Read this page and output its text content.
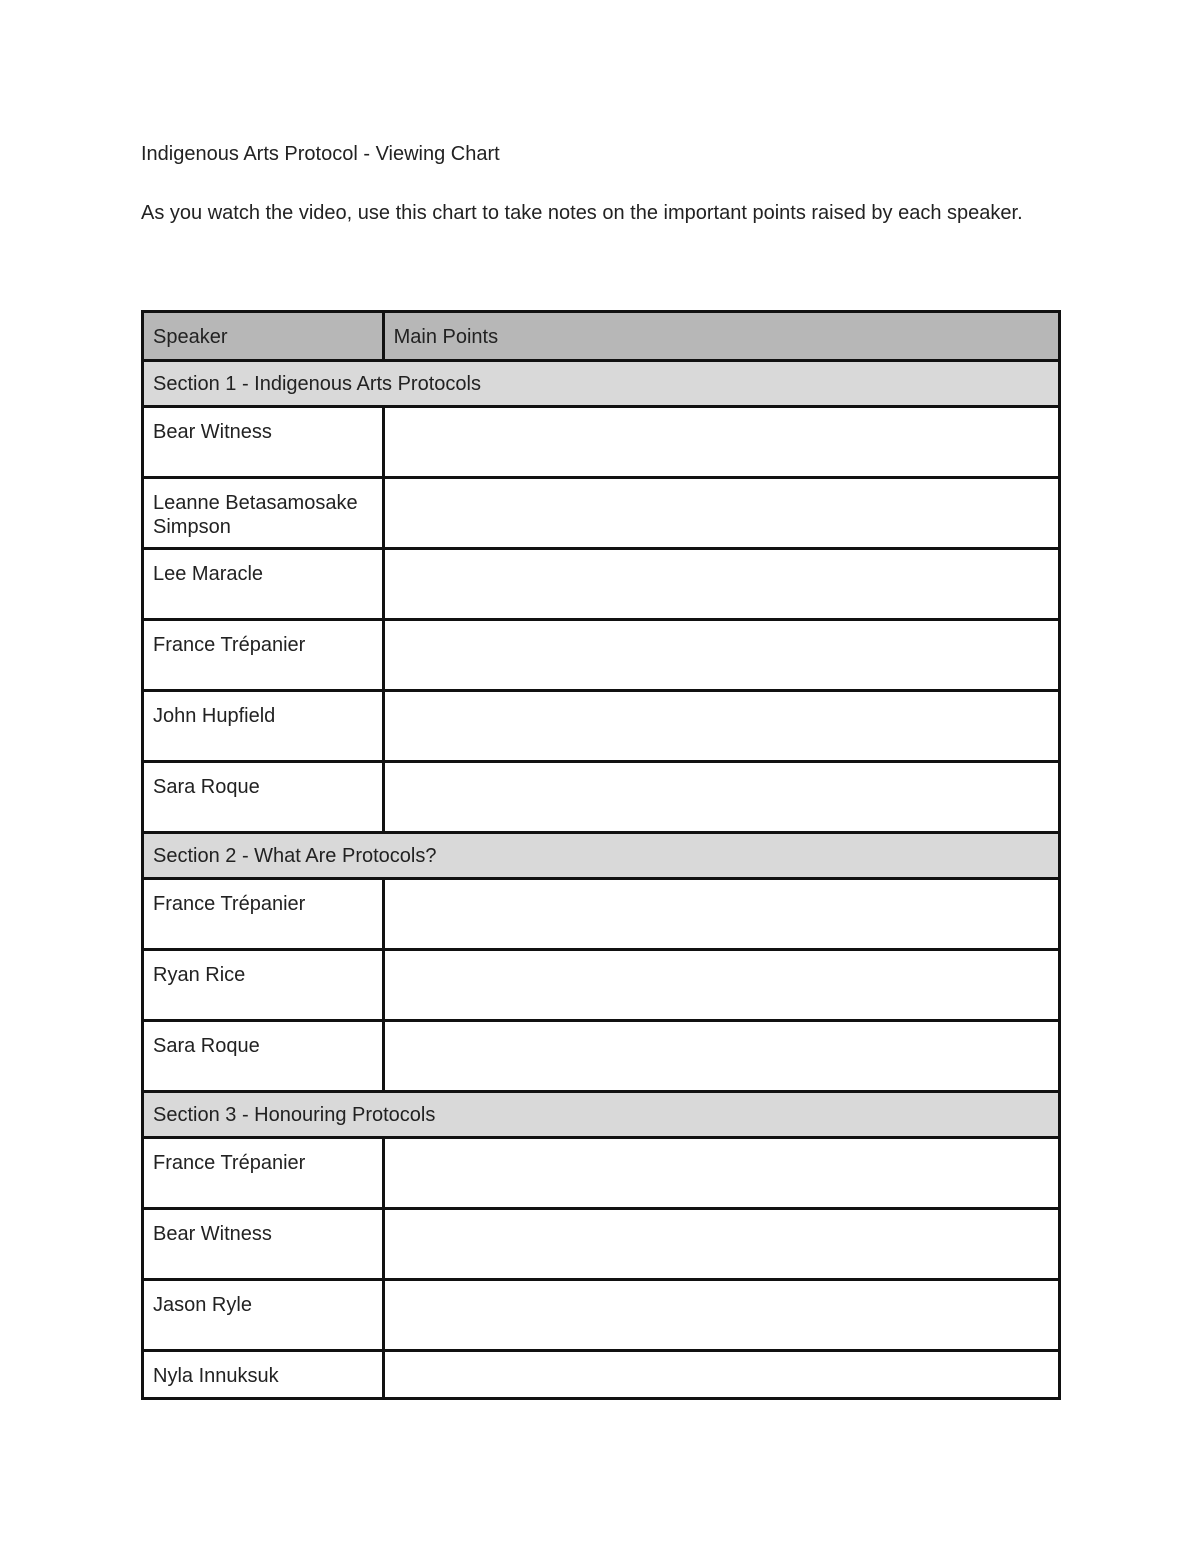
Indigenous Arts Protocol - Viewing Chart

As you watch the video, use this chart to take notes on the important points raised by each speaker.

Speaker	Main Points
Section 1 - Indigenous Arts Protocols	
Bear Witness	
Leanne Betasamosake Simpson	
Lee Maracle	
France Trépanier	
John Hupfield	
Sara Roque	
Section 2 - What Are Protocols?	
France Trépanier	
Ryan Rice	
Sara Roque	
Section 3 - Honouring Protocols	
France Trépanier	
Bear Witness	
Jason Ryle	
Nyla Innuksuk	
